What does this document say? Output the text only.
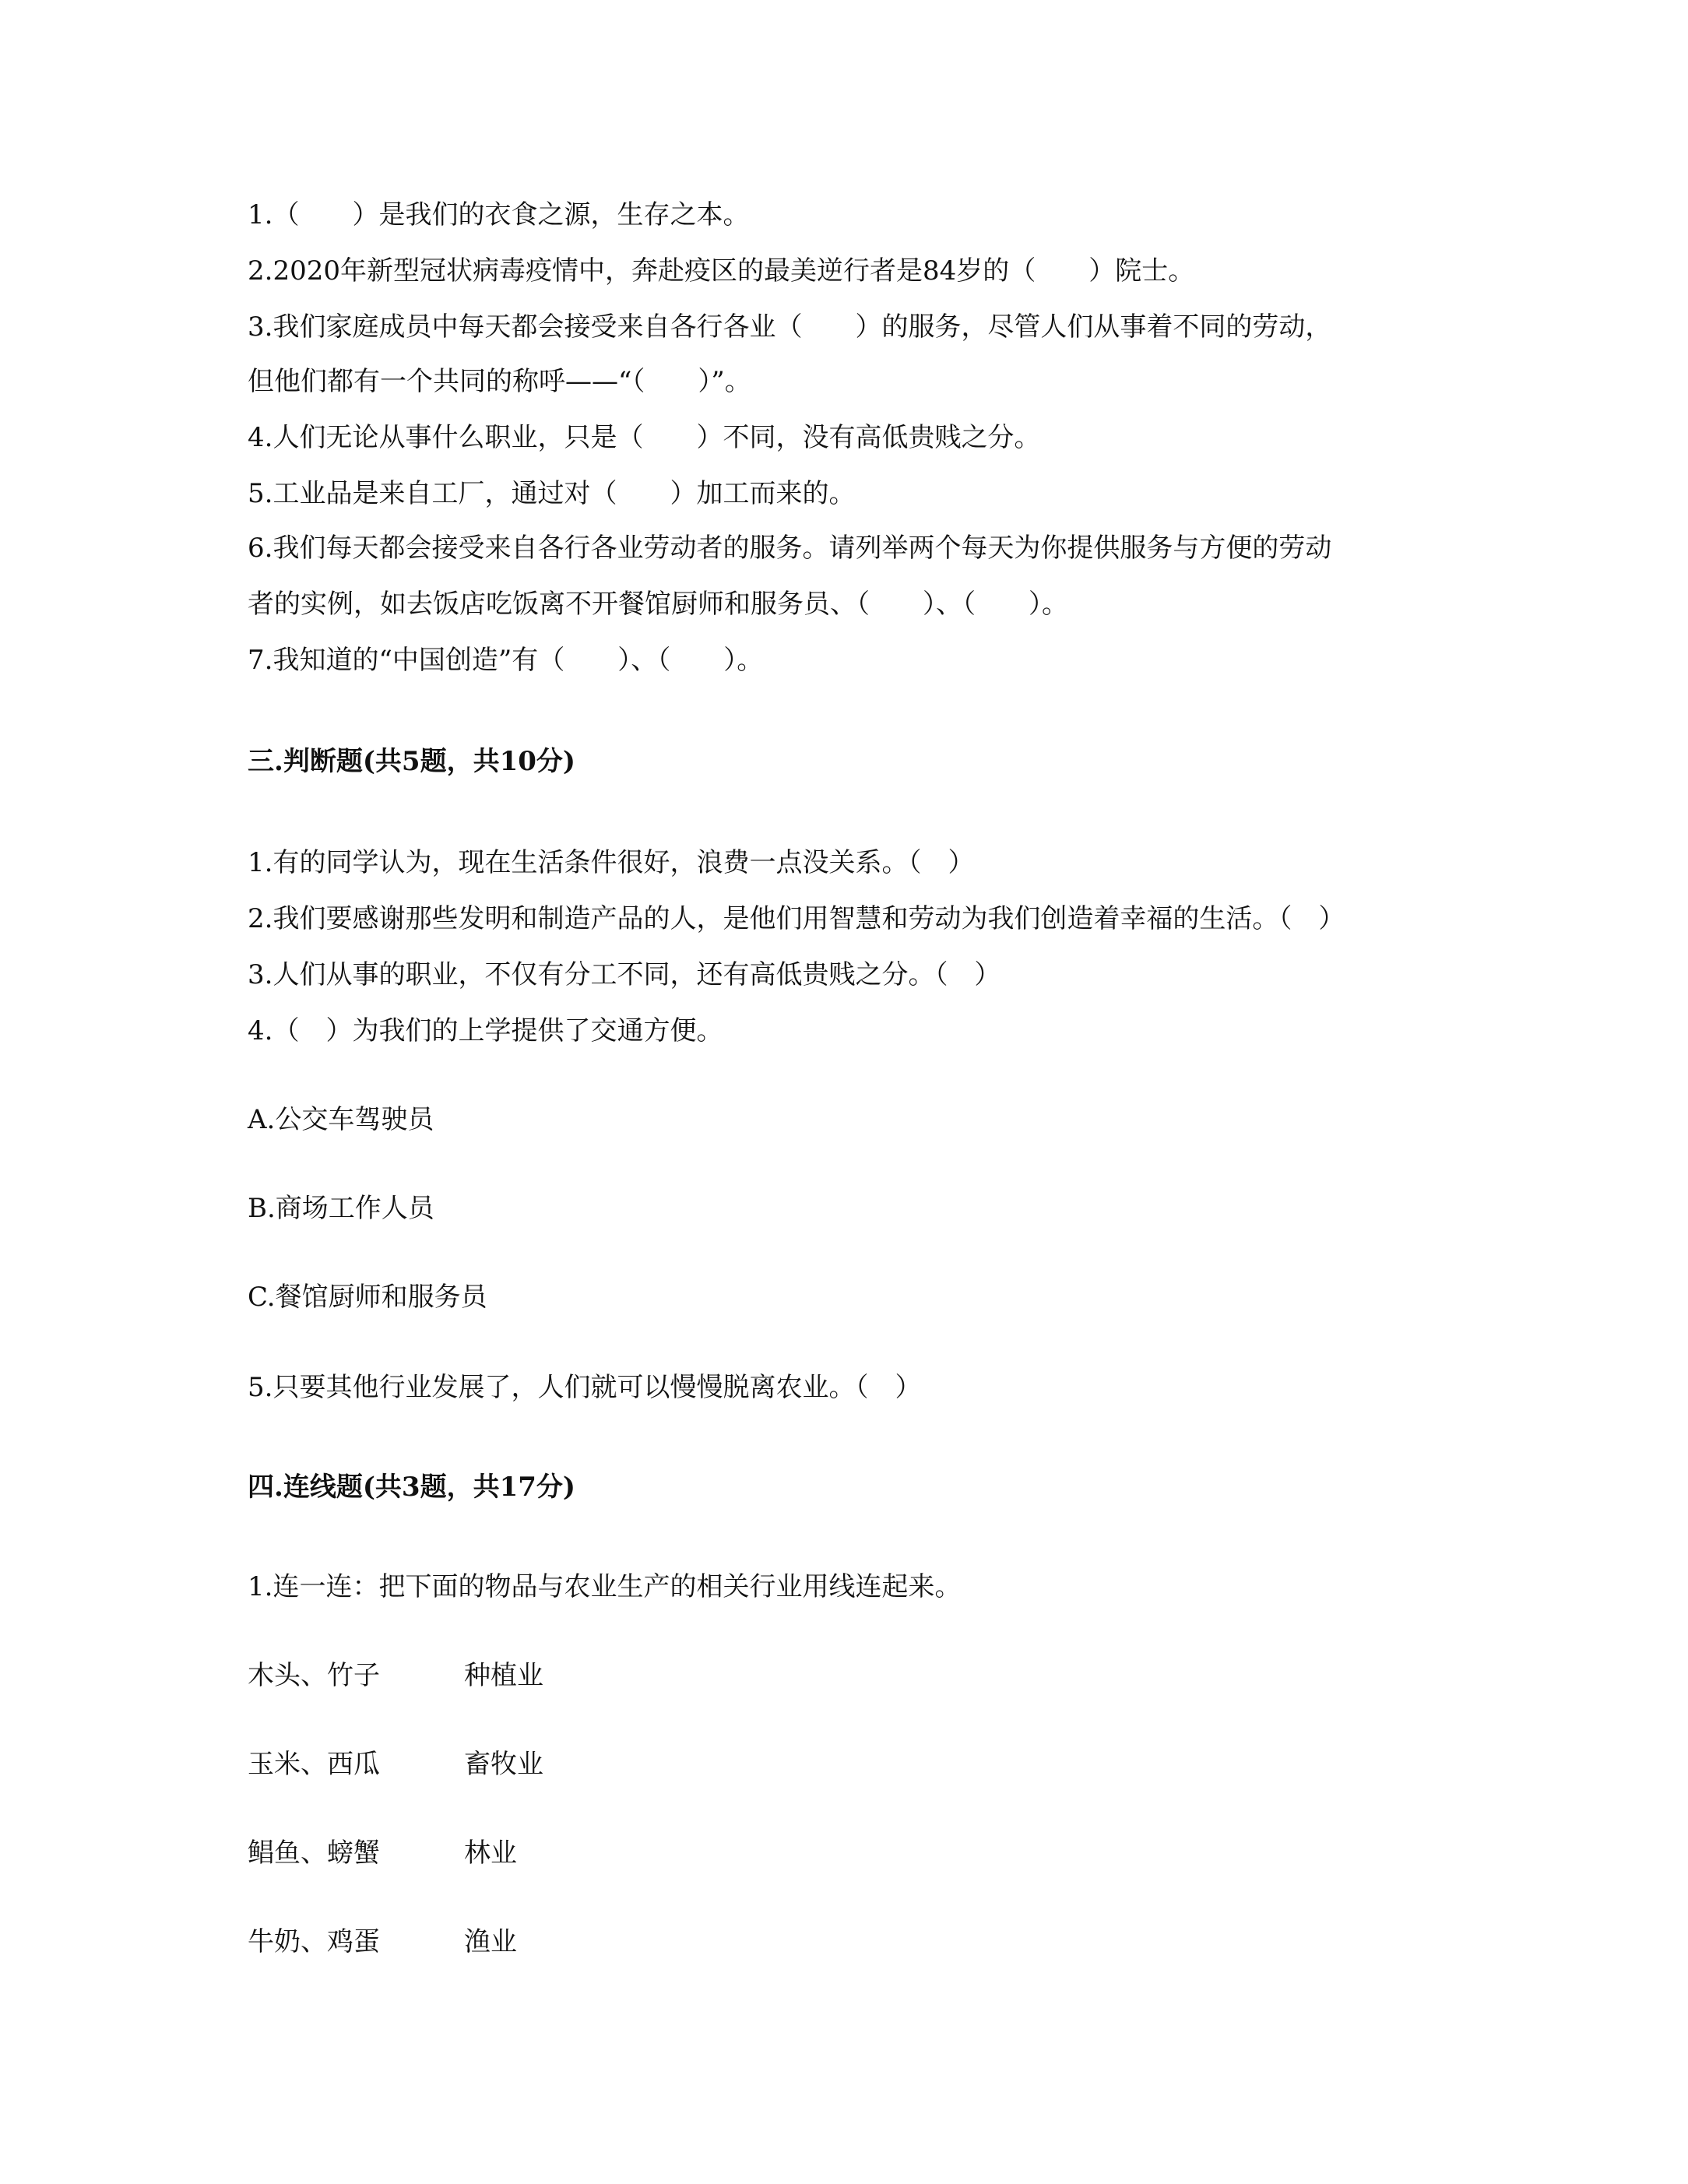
1.（　　）是我们的衣食之源，生存之本。
2.2020年新型冠状病毒疫情中，奔赴疫区的最美逆行者是84岁的（　　）院士。
3.我们家庭成员中每天都会接受来自各行各业（　　）的服务，尽管人们从事着不同的劳动，
但他们都有一个共同的称呼——“（　　）”。
4.人们无论从事什么职业，只是（　　）不同，没有高低贵贱之分。
5.工业品是来自工厂，通过对（　　）加工而来的。
6.我们每天都会接受来自各行各业劳动者的服务。请列举两个每天为你提供服务与方便的劳动
者的实例，如去饭店吃饭离不开餐馆厨师和服务员、（　　）、（　　）。
7.我知道的“中国创造”有（　　）、（　　）。
三.判断题(共5题，共10分)
1.有的同学认为，现在生活条件很好，浪费一点没关系。（　）
2.我们要感谢那些发明和制造产品的人，是他们用智慧和劳动为我们创造着幸福的生活。（　）
3.人们从事的职业，不仅有分工不同，还有高低贵贱之分。（　）
4.（　）为我们的上学提供了交通方便。
A.公交车驾驶员
B.商场工作人员
C.餐馆厨师和服务员
5.只要其他行业发展了，人们就可以慢慢脱离农业。（　）
四.连线题(共3题，共17分)
1.连一连：把下面的物品与农业生产的相关行业用线连起来。
木头、竹子	种植业
玉米、西瓜	畜牧业
鲳鱼、螃蟹	林业
牛奶、鸡蛋	渔业
